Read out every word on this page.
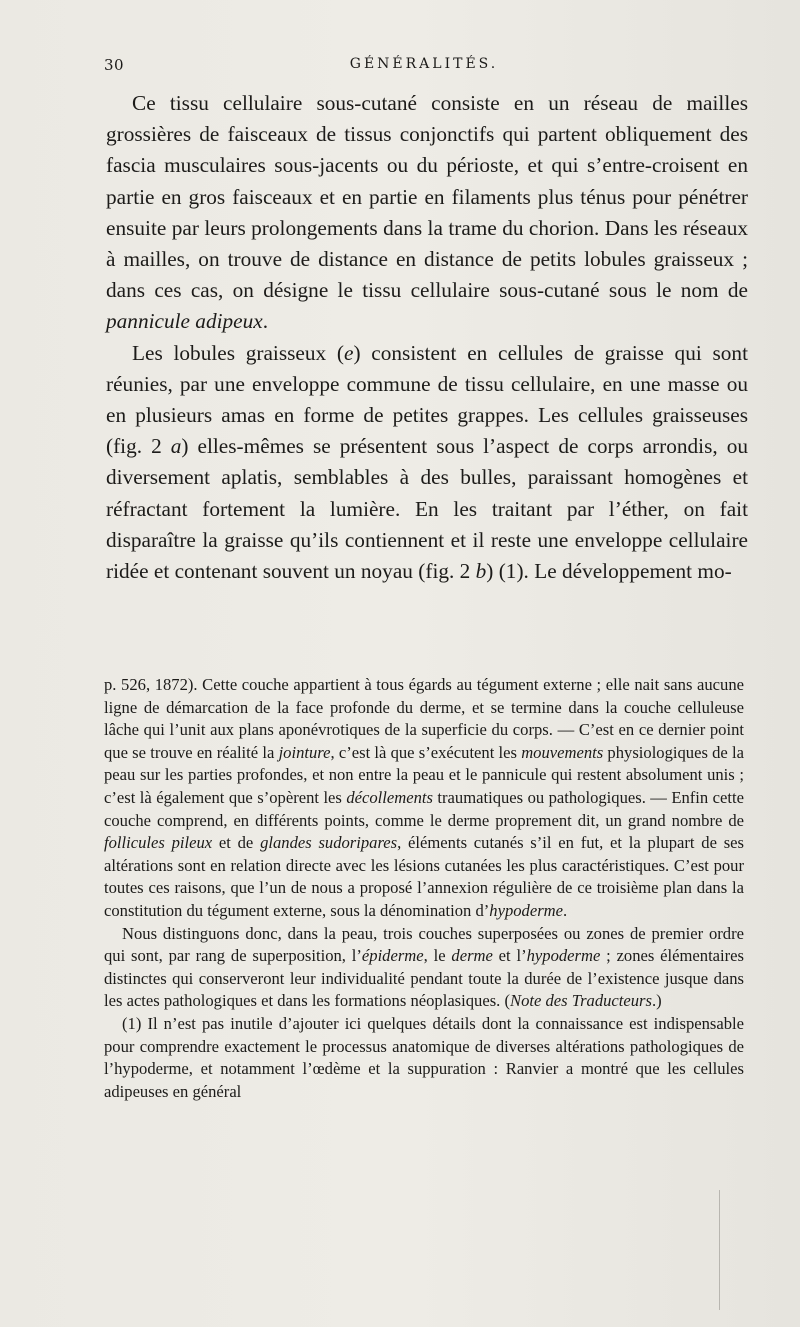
30	GÉNÉRALITÉS.

Ce tissu cellulaire sous-cutané consiste en un réseau de mailles grossières de faisceaux de tissus conjonctifs qui partent obliquement des fascia musculaires sous-jacents ou du périoste, et qui s’entre-croisent en partie en gros faisceaux et en partie en filaments plus ténus pour pénétrer ensuite par leurs prolongements dans la trame du chorion. Dans les réseaux à mailles, on trouve de distance en distance de petits lobules graisseux ; dans ces cas, on désigne le tissu cellulaire sous-cutané sous le nom de pannicule adipeux.

Les lobules graisseux (e) consistent en cellules de graisse qui sont réunies, par une enveloppe commune de tissu cellulaire, en une masse ou en plusieurs amas en forme de petites grappes. Les cellules graisseuses (fig. 2 a) elles-mêmes se présentent sous l’aspect de corps arrondis, ou diversement aplatis, semblables à des bulles, paraissant homogènes et réfractant fortement la lumière. En les traitant par l’éther, on fait disparaître la graisse qu’ils contiennent et il reste une enveloppe cellulaire ridée et contenant souvent un noyau (fig. 2 b) (1). Le développement mo-

p. 526, 1872). Cette couche appartient à tous égards au tégument externe ; elle nait sans aucune ligne de démarcation de la face profonde du derme, et se termine dans la couche celluleuse lâche qui l’unit aux plans aponévrotiques de la superficie du corps. — C’est en ce dernier point que se trouve en réalité la jointure, c’est là que s’exécutent les mouvements physiologiques de la peau sur les parties profondes, et non entre la peau et le pannicule qui restent absolument unis ; c’est là également que s’opèrent les décollements traumatiques ou pathologiques. — Enfin cette couche comprend, en différents points, comme le derme proprement dit, un grand nombre de follicules pileux et de glandes sudoripares, éléments cutanés s’il en fut, et la plupart de ses altérations sont en relation directe avec les lésions cutanées les plus caractéristiques. C’est pour toutes ces raisons, que l’un de nous a proposé l’annexion régulière de ce troisième plan dans la constitution du tégument externe, sous la dénomination d’hypoderme.

Nous distinguons donc, dans la peau, trois couches superposées ou zones de premier ordre qui sont, par rang de superposition, l’épiderme, le derme et l’hypoderme ; zones élémentaires distinctes qui conserveront leur individualité pendant toute la durée de l’existence jusque dans les actes pathologiques et dans les formations néoplasiques. (Note des Traducteurs.)

(1) Il n’est pas inutile d’ajouter ici quelques détails dont la connaissance est indispensable pour comprendre exactement le processus anatomique de diverses altérations pathologiques de l’hypoderme, et notamment l’œdème et la suppuration : Ranvier a montré que les cellules adipeuses en général
